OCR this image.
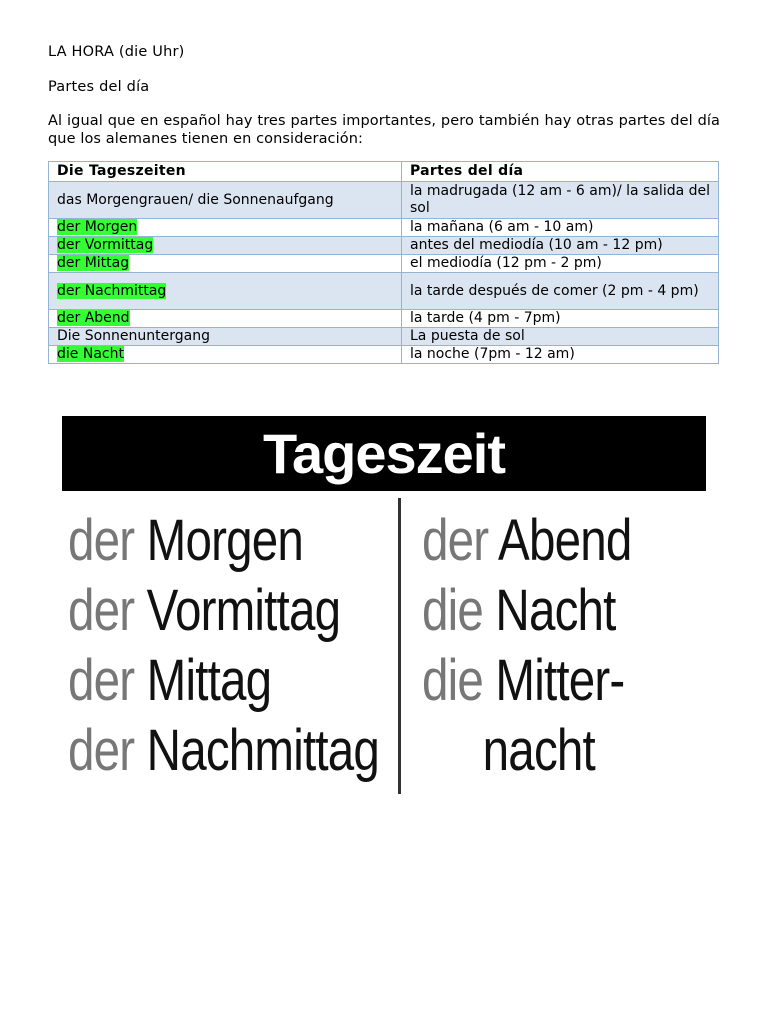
LA HORA (die Uhr)
Partes del día
Al igual que en español hay tres partes importantes, pero también hay otras partes del día que los alemanes tienen en consideración:
Die Tageszeiten	Partes del día
das Morgengrauen/ die Sonnenaufgang	la madrugada (12 am - 6 am)/ la salida del sol
der Morgen	la mañana (6 am - 10 am)
der Vormittag	antes del mediodía (10 am - 12 pm)
der Mittag	el mediodía (12 pm - 2 pm)
der Nachmittag	la tarde después de comer (2 pm - 4 pm)
der Abend	la tarde (4 pm - 7pm)
Die Sonnenuntergang	La puesta de sol
die Nacht	la noche (7pm - 12 am)
Tageszeit
der Morgen
der Vormittag
der Mittag
der Nachmittag
der Abend
die Nacht
die Mitter-
nacht
